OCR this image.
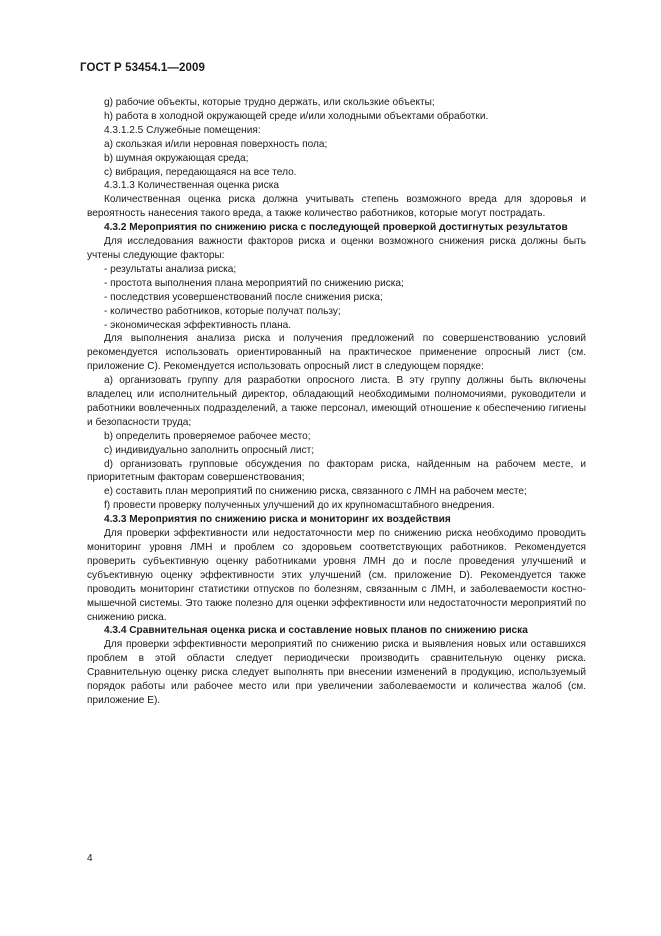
ГОСТ Р 53454.1—2009

g) рабочие объекты, которые трудно держать, или скользкие объекты;

h) работа в холодной окружающей среде и/или холодными объектами обработки.

4.3.1.2.5 Служебные помещения:

a) скользкая и/или неровная поверхность пола;

b) шумная окружающая среда;

c) вибрация, передающаяся на все тело.

4.3.1.3 Количественная оценка риска

Количественная оценка риска должна учитывать степень возможного вреда для здоровья и вероятность нанесения такого вреда, а также количество работников, которые могут пострадать.

4.3.2 Мероприятия по снижению риска с последующей проверкой достигнутых результатов

Для исследования важности факторов риска и оценки возможного снижения риска должны быть учтены следующие факторы:

- результаты анализа риска;

- простота выполнения плана мероприятий по снижению риска;

- последствия усовершенствований после снижения риска;

- количество работников, которые получат пользу;

- экономическая эффективность плана.

Для выполнения анализа риска и получения предложений по совершенствованию условий рекомендуется использовать ориентированный на практическое применение опросный лист (см. приложение С). Рекомендуется использовать опросный лист в следующем порядке:

a) организовать группу для разработки опросного листа. В эту группу должны быть включены владелец или исполнительный директор, обладающий необходимыми полномочиями, руководители и работники вовлеченных подразделений, а также персонал, имеющий отношение к обеспечению гигиены и безопасности труда;

b) определить проверяемое рабочее место;

c) индивидуально заполнить опросный лист;

d) организовать групповые обсуждения по факторам риска, найденным на рабочем месте, и приоритетным факторам совершенствования;

e) составить план мероприятий по снижению риска, связанного с ЛМН на рабочем месте;

f) провести проверку полученных улучшений до их крупномасштабного внедрения.

4.3.3 Мероприятия по снижению риска и мониторинг их воздействия

Для проверки эффективности или недостаточности мер по снижению риска необходимо проводить мониторинг уровня ЛМН и проблем со здоровьем соответствующих работников. Рекомендуется проверить субъективную оценку работниками уровня ЛМН до и после проведения улучшений и субъективную оценку эффективности этих улучшений (см. приложение D). Рекомендуется также проводить мониторинг статистики отпусков по болезням, связанным с ЛМН, и заболеваемости костно-мышечной системы. Это также полезно для оценки эффективности или недостаточности мероприятий по снижению риска.

4.3.4 Сравнительная оценка риска и составление новых планов по снижению риска

Для проверки эффективности мероприятий по снижению риска и выявления новых или оставшихся проблем в этой области следует периодически производить сравнительную оценку риска. Сравнительную оценку риска следует выполнять при внесении изменений в продукцию, используемый порядок работы или рабочее место или при увеличении заболеваемости и количества жалоб (см. приложение Е).

4
